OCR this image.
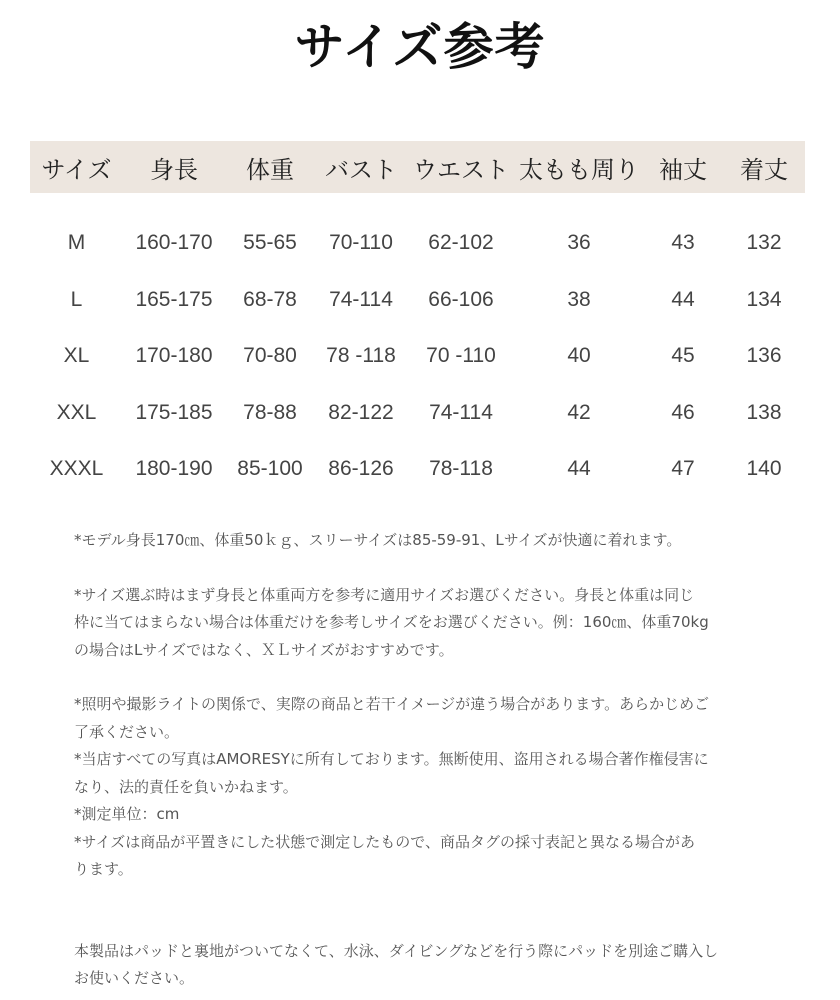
サイズ参考
サイズ	身長	体重	バスト	ウエスト	太もも周り	袖丈	着丈
M	160-170	55-65	70-110	62-102	36	43	132
L	165-175	68-78	74-114	66-106	38	44	134
XL	170-180	70-80	78 -118	70 -110	40	45	136
XXL	175-185	78-88	82-122	74-114	42	46	138
XXXL	180-190	85-100	86-126	78-118	44	47	140

*モデル身長170㎝、体重50ｋｇ、スリーサイズは85-59-91、Lサイズが快適に着れます。

*サイズ選ぶ時はまず身長と体重両方を参考に適用サイズお選びください。身長と体重は同じ

枠に当てはまらない場合は体重だけを参考しサイズをお選びください。例：160㎝、体重70kg

の場合はLサイズではなく、ＸＬサイズがおすすめです。

*照明や撮影ライトの関係で、実際の商品と若干イメージが違う場合があります。あらかじめご

了承ください。

*当店すべての写真はAMORESYに所有しております。無断使用、盗用される場合著作権侵害に

なり、法的責任を負いかねます。

*測定単位：cm

*サイズは商品が平置きにした状態で測定したもので、商品タグの採寸表記と異なる場合があ

ります。

本製品はパッドと裏地がついてなくて、水泳、ダイビングなどを行う際にパッドを別途ご購入し

お使いください。
